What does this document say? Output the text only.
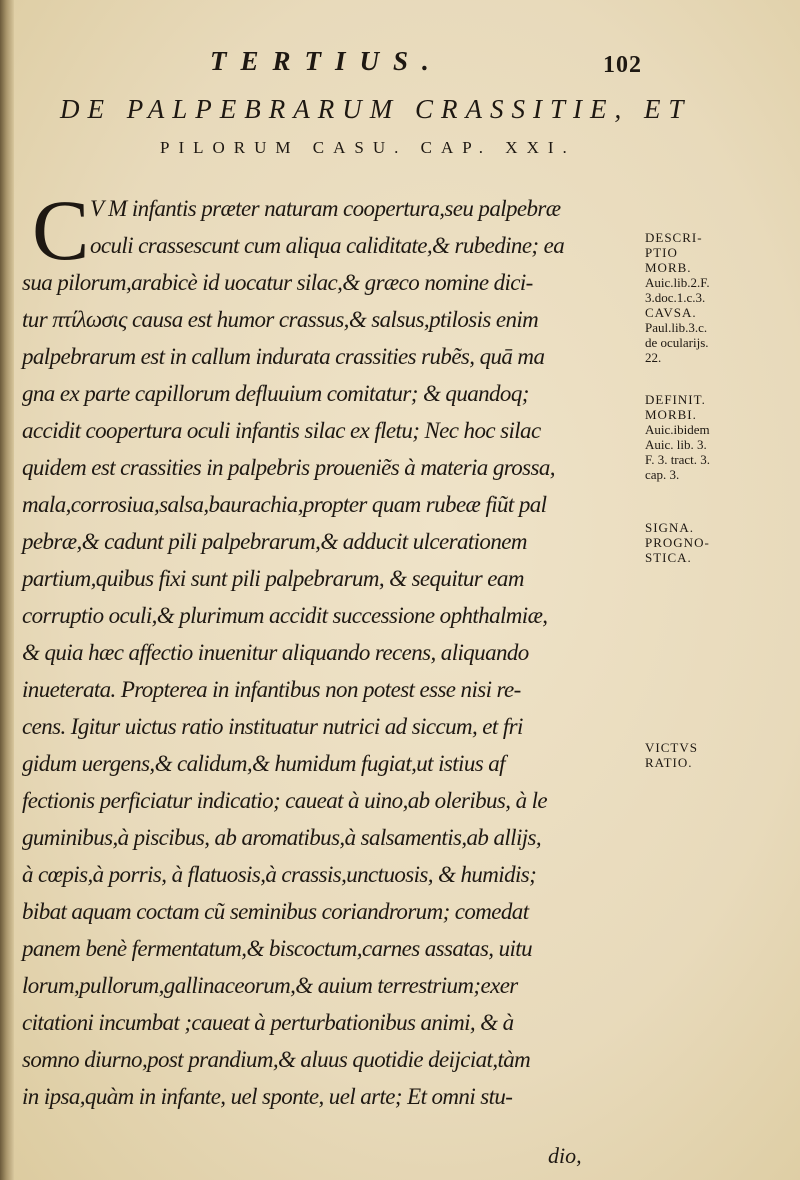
TERTIUS.	102
DE PALPEBRARUM CRASSITIE, ET
PILORUM CASU. CAP. XXI.
C V M infantis præter naturam coopertura,seu palpebræ
oculi crassescunt cum aliqua caliditate,& rubedine; ea
sua pilorum,arabicè id uocatur silac,& græco nomine dici-
tur πτίλωσις causa est humor crassus,& salsus,ptilosis enim
palpebrarum est in callum indurata crassities rubẽs, quā ma
gna ex parte capillorum defluuium comitatur; & quandoq;
accidit coopertura oculi infantis silac ex fletu; Nec hoc silac
quidem est crassities in palpebris proueniẽs à materia grossa,
mala,corrosiua,salsa,baurachia,propter quam rubeæ fiũt pal
pebræ,& cadunt pili palpebrarum,& adducit ulcerationem
partium,quibus fixi sunt pili palpebrarum, & sequitur eam
corruptio oculi,& plurimum accidit successione ophthalmiæ,
& quia hæc affectio inuenitur aliquando recens, aliquando
inueterata. Propterea in infantibus non potest esse nisi re-
cens. Igitur uictus ratio instituatur nutrici ad siccum, et fri
gidum uergens,& calidum,& humidum fugiat,ut istius af
fectionis perficiatur indicatio; caueat à uino,ab oleribus, à le
guminibus,à piscibus, ab aromatibus,à salsamentis,ab allijs,
à cœpis,à porris, à flatuosis,à crassis,unctuosis, & humidis;
bibat aquam coctam cũ seminibus coriandrorum; comedat
panem benè fermentatum,& biscoctum,carnes assatas, uitu
lorum,pullorum,gallinaceorum,& auium terrestrium;exer
citationi incumbat ;caueat à perturbationibus animi, & à
somno diurno,post prandium,& aluus quotidie deijciat,tàm
in ipsa,quàm in infante, uel sponte, uel arte; Et omni stu-
DESCRI-
PTIO
MORB.
Auic.lib.2.F.
3.doc.1.c.3.
CAVSA.
Paul.lib.3.c.
de ocularijs.
22.
DEFINIT.
MORBI.
Auic.ibidem
Auic. lib. 3.
F. 3. tract. 3.
cap. 3.
SIGNA.
PROGNO-
STICA.
VICTVS
RATIO.
dio,
